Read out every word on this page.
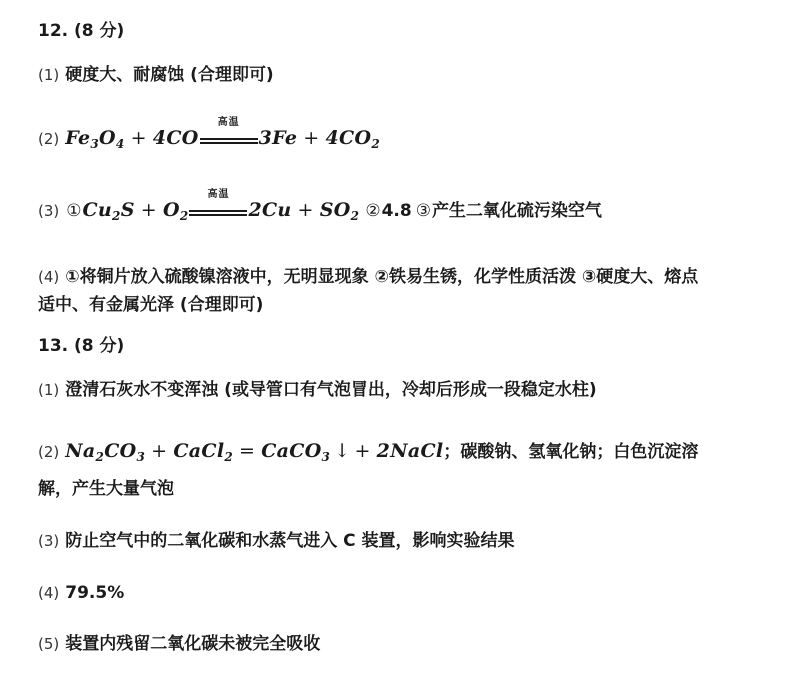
12. (8 分)
(1) 硬度大、耐腐蚀 (合理即可)
(2) $Fe_3O_4 + 4CO$
高温
$3Fe + 4CO_2$
(3) $①Cu_2S + O_2$
高温
$2Cu + SO_2$ ②4.8 ③产生二氧化硫污染空气
(4) ①将铜片放入硫酸镍溶液中，无明显现象 ②铁易生锈，化学性质活泼 ③硬度大、熔点
适中、有金属光泽 (合理即可)
13. (8 分)
(1) 澄清石灰水不变浑浊 (或导管口有气泡冒出，冷却后形成一段稳定水柱)
(2) $Na_2CO_3$ + CaCl$_2$ = CaCO$_3$ ↓ + 2NaCl；碳酸钠、氢氧化钠；白色沉淀溶
解，产生大量气泡
(3) 防止空气中的二氧化碳和水蒸气进入 C 装置，影响实验结果
(4) 79.5%
(5) 装置内残留二氧化碳未被完全吸收
